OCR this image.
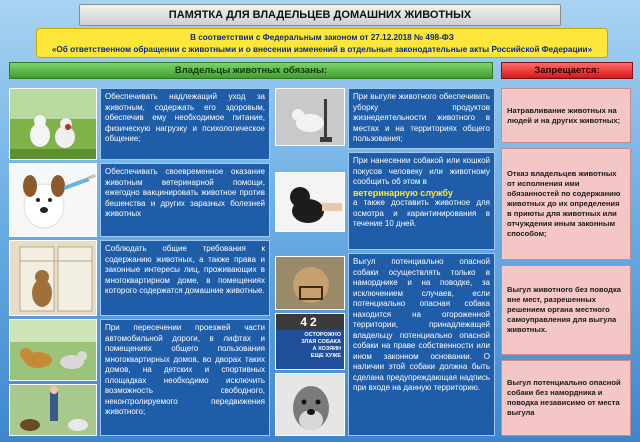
ПАМЯТКА ДЛЯ ВЛАДЕЛЬЦЕВ ДОМАШНИХ ЖИВОТНЫХ
В соответствии с Федеральным законом от 27.12.2018 № 498-ФЗ
«Об ответственном обращении с животными и о внесении изменений в отдельные законодательные акты Российской Федерации»
Владельцы животных обязаны:	Запрещается:
Обеспечивать надлежащий уход за животным, содержать его здоровым, обеспечив ему необходимое питание, физическую нагрузку и психологическое общение;
Обеспечивать своевременное оказание животным ветеринарной помощи, ежегодно вакцинировать животное против бешенства и других заразных болезней животных
Соблюдать общие требования к содержанию животных, а также права и законные интересы лиц, проживающих в многоквартирном доме, в помещениях которого содержатся домашние животные.
При пересечении проезжей части автомобильной дороги, в лифтах и помещениях общего пользования многоквартирных домов, во дворах таких домов, на детских и спортивных площадках необходимо исключить возможность свободного, неконтролируемого передвижения животного;
42
ОСТОРОЖНО
ЗЛАЯ СОБАКА
А ХОЗЯИН
ЕЩЕ ХУЖЕ
При выгуле животного обеспечивать уборку продуктов жизнедеятельности животного в местах и на территориях общего пользования;
При нанесении собакой или кошкой покусов человеку или животному сообщить об этом в
ветеринарную службу
а также доставить животное для осмотра и карантинирования в течение 10 дней.
Выгул потенциально опасной собаки осуществлять только в наморднике и на поводке, за исключением случаев, если потенциально опасная собака находится на огороженной территории, принадлежащей владельцу потенциально опасной собаки на праве собственности или ином законном основании. О наличии этой собаки должна быть сделана предупреждающая надпись при входе на данную территорию.
Натравливание животных на людей и на других животных;
Отказ владельцев животных от исполнения ими обязанностей по содержанию животных до их определения в приюты для животных или отчуждения иным законным способом;
Выгул животного без поводка вне мест, разрешенных решением органа местного самоуправления для выгула животных.
Выгул потенциально опасной собаки без намордника и поводка независимо от места выгула
